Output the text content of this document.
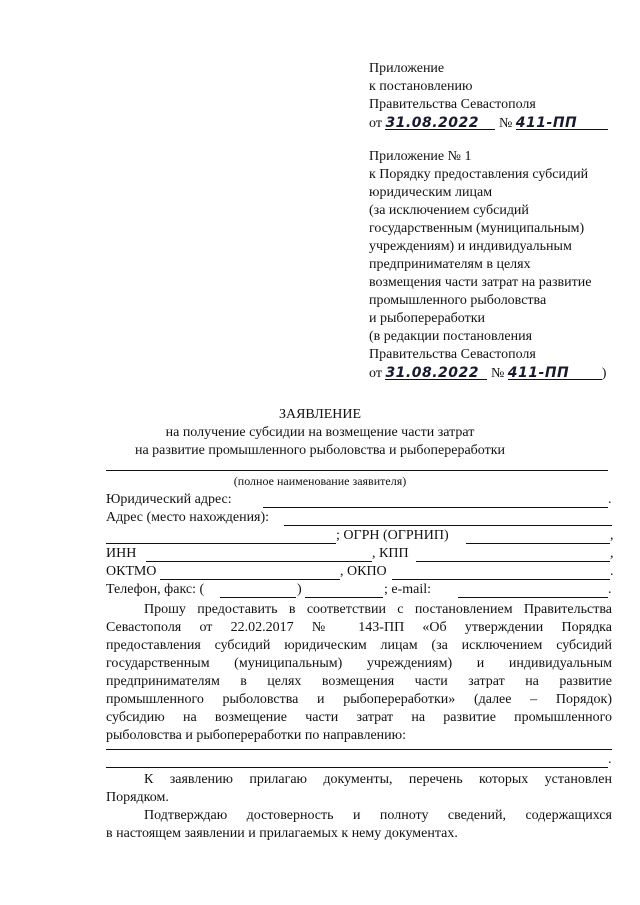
Приложение
к постановлению
Правительства Севастополя
от 31.08.2022 № 411-ПП
Приложение № 1
к Порядку предоставления субсидий
юридическим лицам
(за исключением субсидий
государственным (муниципальным)
учреждениям) и индивидуальным
предпринимателям в целях
возмещения части затрат на развитие
промышленного рыболовства
и рыбопереработки
(в редакции постановления
Правительства Севастополя
от 31.08.2022 № 411-ПП )
ЗАЯВЛЕНИЕ
на получение субсидии на возмещение части затрат
на развитие промышленного рыболовства и рыбопереработки
(полное наименование заявителя)
Юридический адрес:	.
Адрес (место нахождения):
; ОГРН (ОГРНИП)	,
ИНН	, КПП	,
ОКТМО	, ОКПО	.
Телефон, факс: (	)	; e-mail:	.
Прошу предоставить в соответствии с постановлением Правительства
Севастополя от 22.02.2017 № 143-ПП «Об утверждении Порядка
предоставления субсидий юридическим лицам (за исключением субсидий
государственным (муниципальным) учреждениям) и индивидуальным
предпринимателям в целях возмещения части затрат на развитие
промышленного рыболовства и рыбопереработки» (далее – Порядок)
субсидию на возмещение части затрат на развитие промышленного
рыболовства и рыбопереработки по направлению:
.
К заявлению прилагаю документы, перечень которых установлен
Порядком.
Подтверждаю достоверность и полноту сведений, содержащихся
в настоящем заявлении и прилагаемых к нему документах.
